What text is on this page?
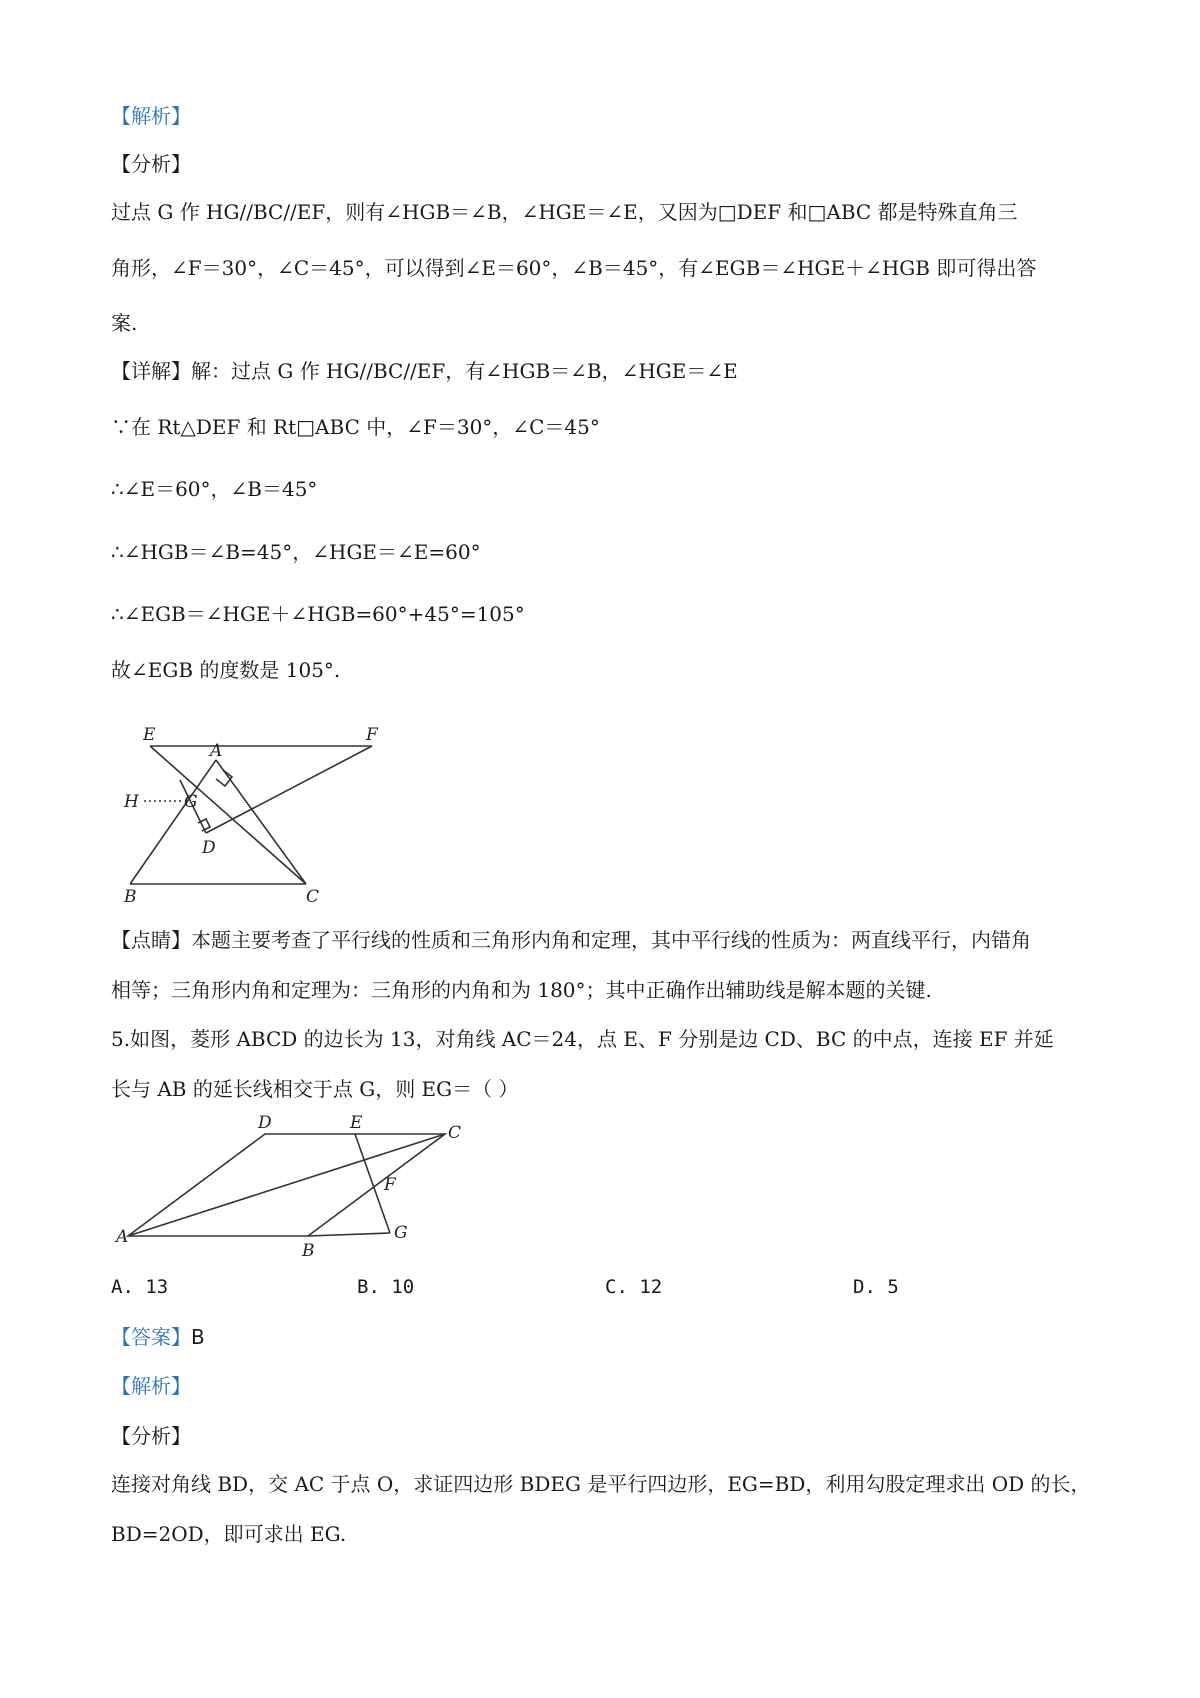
【解析】
【分析】
过点 G 作 HG//BC//EF，则有∠HGB＝∠B，∠HGE＝∠E，又因为□DEF 和□ABC 都是特殊直角三
角形，∠F＝30°，∠C＝45°，可以得到∠E＝60°，∠B＝45°，有∠EGB＝∠HGE＋∠HGB 即可得出答
案.
【详解】解：过点 G 作 HG//BC//EF，有∠HGB＝∠B，∠HGE＝∠E
∵在 Rt△DEF 和 Rt□ABC 中，∠F＝30°，∠C＝45°
∴∠E＝60°，∠B＝45°
∴∠HGB＝∠B=45°，∠HGE＝∠E=60°
∴∠EGB＝∠HGE＋∠HGB=60°+45°=105°
故∠EGB 的度数是 105°.
E	F
A
H	G
D
B	C
【点睛】本题主要考查了平行线的性质和三角形内角和定理，其中平行线的性质为：两直线平行，内错角
相等；三角形内角和定理为：三角形的内角和为 180°；其中正确作出辅助线是解本题的关键.
5.如图，菱形 ABCD 的边长为 13，对角线 AC＝24，点 E、F 分别是边 CD、BC 的中点，连接 EF 并延
长与 AB 的延长线相交于点 G，则 EG＝（ ）
D	E	C
F
A
B
G
A. 13	B. 10	C. 12	D. 5
【答案】B
【解析】
【分析】
连接对角线 BD，交 AC 于点 O，求证四边形 BDEG 是平行四边形，EG=BD，利用勾股定理求出 OD 的长，
BD=2OD，即可求出 EG.
